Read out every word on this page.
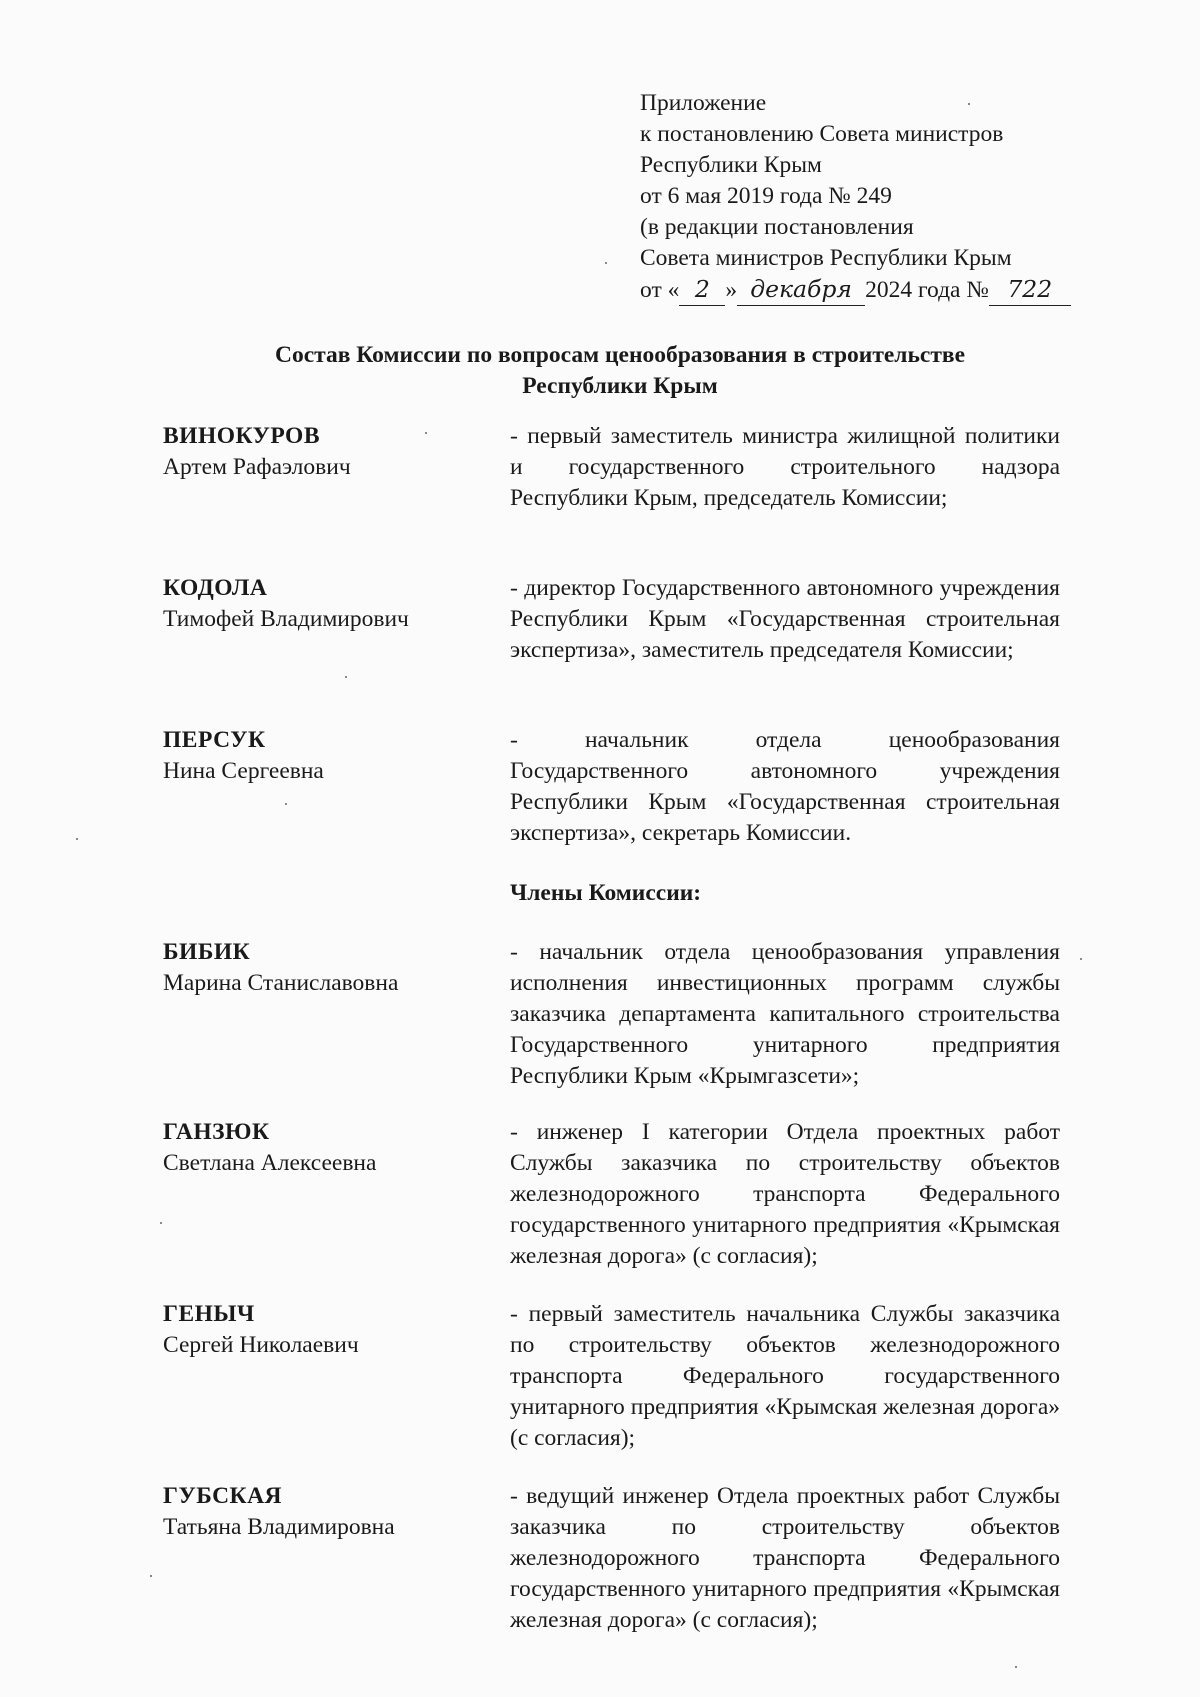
Приложение
к постановлению Совета министров
Республики Крым
от 6 мая 2019 года № 249
(в редакции постановления
Совета министров Республики Крым
от « 2 » декабря 2024 года № 722
Состав Комиссии по вопросам ценообразования в строительстве
Республики Крым
ВИНОКУРОВ
Артем Рафаэлович
- первый заместитель министра жилищной политики и государственного строительного надзора Республики Крым, председатель Комиссии;
КОДОЛА
Тимофей Владимирович
- директор Государственного автономного учреждения Республики Крым «Государственная строительная экспертиза», заместитель председателя Комиссии;
ПЕРСУК
Нина Сергеевна
- начальник отдела ценообразования Государственного автономного учреждения Республики Крым «Государственная строительная экспертиза», секретарь Комиссии.
Члены Комиссии:
БИБИК
Марина Станиславовна
- начальник отдела ценообразования управления исполнения инвестиционных программ службы заказчика департамента капитального строительства Государственного унитарного предприятия Республики Крым «Крымгазсети»;
ГАНЗЮК
Светлана Алексеевна
- инженер I категории Отдела проектных работ Службы заказчика по строительству объектов железнодорожного транспорта Федерального государственного унитарного предприятия «Крымская железная дорога» (с согласия);
ГЕНЫЧ
Сергей Николаевич
- первый заместитель начальника Службы заказчика по строительству объектов железнодорожного транспорта Федерального государственного унитарного предприятия «Крымская железная дорога» (с согласия);
ГУБСКАЯ
Татьяна Владимировна
- ведущий инженер Отдела проектных работ Службы заказчика по строительству объектов железнодорожного транспорта Федерального государственного унитарного предприятия «Крымская железная дорога» (с согласия);
